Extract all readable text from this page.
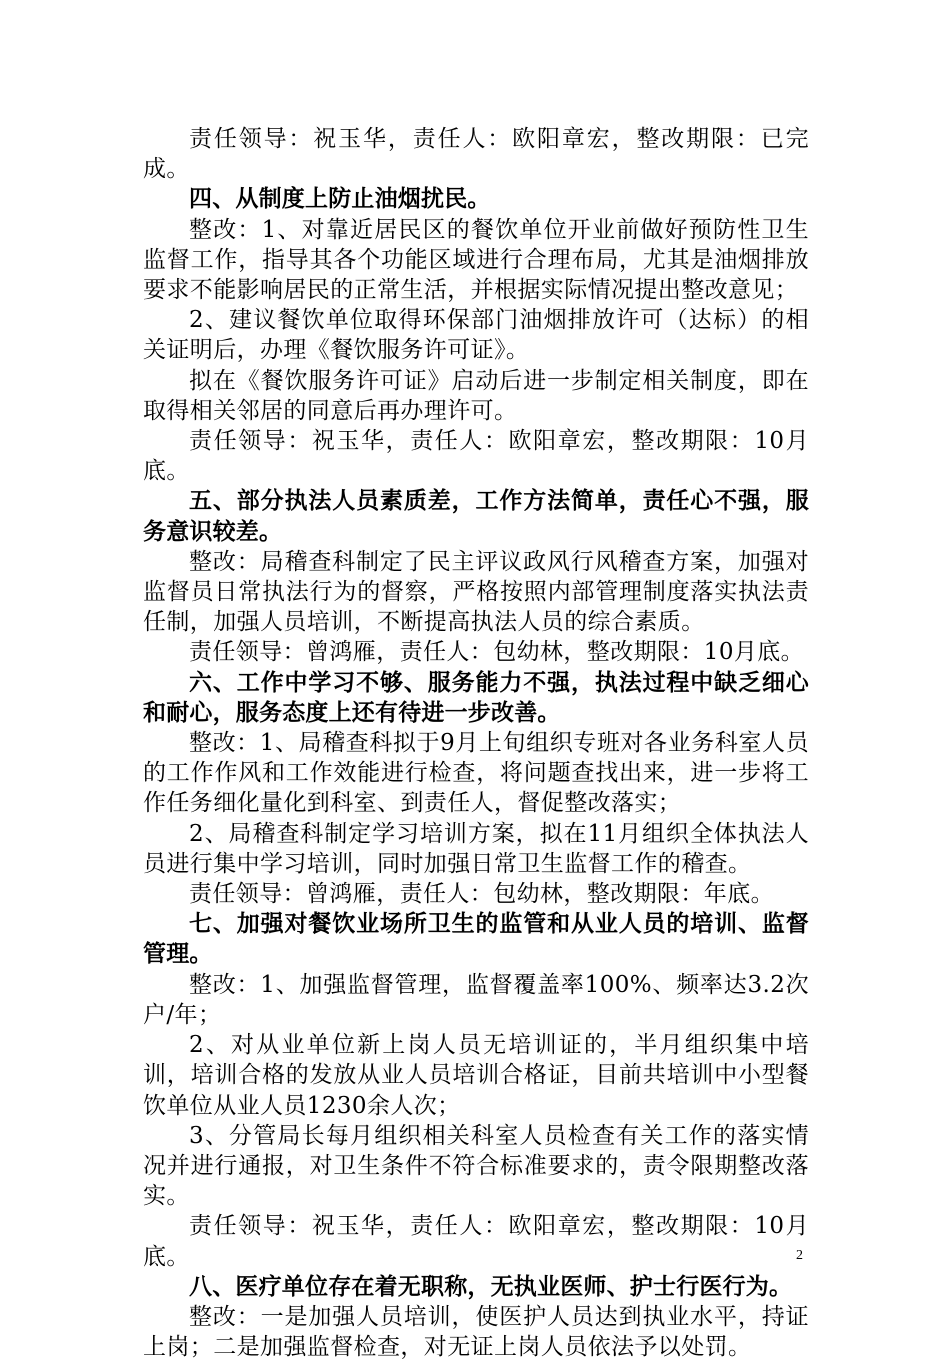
责任领导：祝玉华，责任人：欧阳章宏，整改期限：已完成。

四、从制度上防止油烟扰民。

整改：1、对靠近居民区的餐饮单位开业前做好预防性卫生监督工作，指导其各个功能区域进行合理布局，尤其是油烟排放要求不能影响居民的正常生活，并根据实际情况提出整改意见；

2、建议餐饮单位取得环保部门油烟排放许可（达标）的相关证明后，办理《餐饮服务许可证》。

拟在《餐饮服务许可证》启动后进一步制定相关制度，即在取得相关邻居的同意后再办理许可。

责任领导：祝玉华，责任人：欧阳章宏，整改期限：10月底。

五、部分执法人员素质差，工作方法简单，责任心不强，服务意识较差。

整改：局稽查科制定了民主评议政风行风稽查方案，加强对监督员日常执法行为的督察，严格按照内部管理制度落实执法责任制，加强人员培训，不断提高执法人员的综合素质。

责任领导：曾鸿雁，责任人：包幼林，整改期限：10月底。

六、工作中学习不够、服务能力不强，执法过程中缺乏细心和耐心，服务态度上还有待进一步改善。

整改：1、局稽查科拟于9月上旬组织专班对各业务科室人员的工作作风和工作效能进行检查，将问题查找出来，进一步将工作任务细化量化到科室、到责任人，督促整改落实；

2、局稽查科制定学习培训方案，拟在11月组织全体执法人员进行集中学习培训，同时加强日常卫生监督工作的稽查。

责任领导：曾鸿雁，责任人：包幼林，整改期限：年底。

七、加强对餐饮业场所卫生的监管和从业人员的培训、监督管理。

整改：1、加强监督管理，监督覆盖率100%、频率达3.2次户/年；

2、对从业单位新上岗人员无培训证的，半月组织集中培训，培训合格的发放从业人员培训合格证，目前共培训中小型餐饮单位从业人员1230余人次；

3、分管局长每月组织相关科室人员检查有关工作的落实情况并进行通报，对卫生条件不符合标准要求的，责令限期整改落实。

责任领导：祝玉华，责任人：欧阳章宏，整改期限：10月底。

八、医疗单位存在着无职称，无执业医师、护士行医行为。

整改：一是加强人员培训，使医护人员达到执业水平，持证上岗；二是加强监督检查，对无证上岗人员依法予以处罚。

2
